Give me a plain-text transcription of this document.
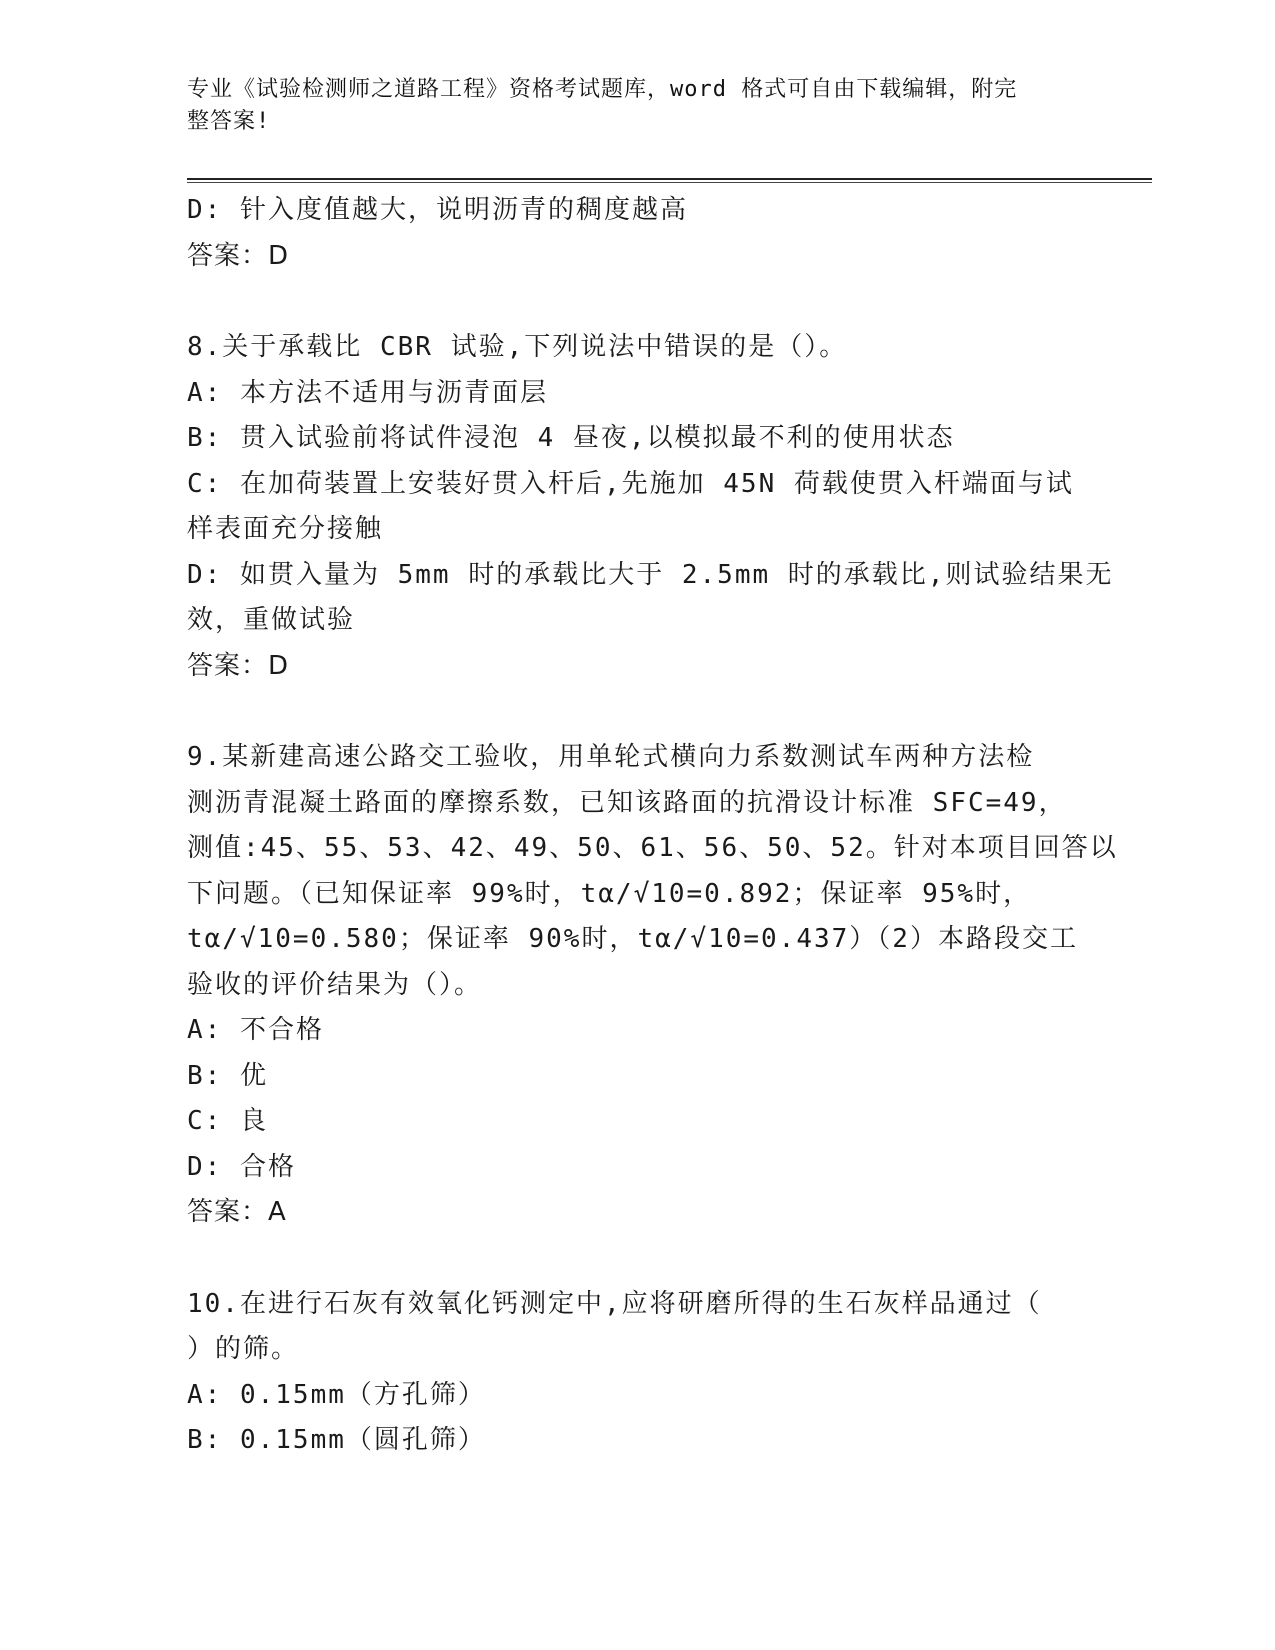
专业《试验检测师之道路工程》资格考试题库，word 格式可自由下载编辑，附完
整答案!
D: 针入度值越大，说明沥青的稠度越高
答案：D
8.关于承载比 CBR 试验,下列说法中错误的是（）。
A: 本方法不适用与沥青面层
B: 贯入试验前将试件浸泡 4 昼夜,以模拟最不利的使用状态
C: 在加荷装置上安装好贯入杆后,先施加 45N 荷载使贯入杆端面与试
样表面充分接触
D: 如贯入量为 5mm 时的承载比大于 2.5mm 时的承载比,则试验结果无
效，重做试验
答案：D
9.某新建高速公路交工验收，用单轮式横向力系数测试车两种方法检
测沥青混凝土路面的摩擦系数，已知该路面的抗滑设计标准 SFC=49，
测值:45、55、53、42、49、50、61、56、50、52。针对本项目回答以
下问题。（已知保证率 99%时，tα/√10=0.892；保证率 95%时，
tα/√10=0.580；保证率 90%时，tα/√10=0.437）（2）本路段交工
验收的评价结果为（）。
A: 不合格
B: 优
C: 良
D: 合格
答案：A
10.在进行石灰有效氧化钙测定中,应将研磨所得的生石灰样品通过（
）的筛。
A: 0.15mm（方孔筛）
B: 0.15mm（圆孔筛）
